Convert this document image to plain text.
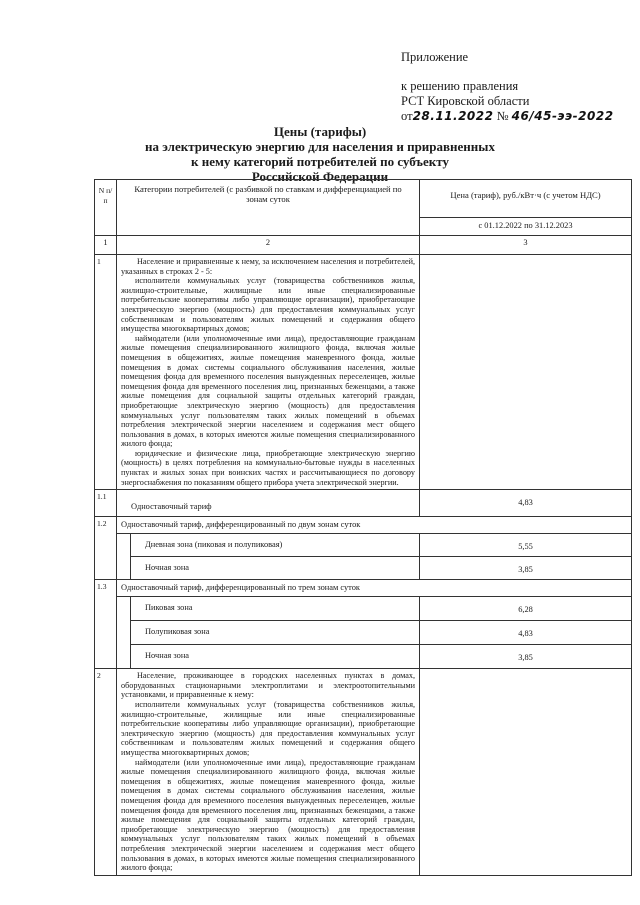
Приложение
к решению правления
РСТ Кировской области
от28.11.2022 № 46/45-ээ-2022
Цены (тарифы)
на электрическую энергию для населения и приравненных
к нему категорий потребителей по субъекту
Российской Федерации
N п/п	Категории потребителей (с разбивкой по ставкам и дифференциацией по зонам суток		Цена (тариф), руб./кВт·ч (с учетом НДС)
			с 01.12.2022 по 31.12.2023
1	2		3
1	Население и приравненные к нему, за исключением населения и потребителей, указанных в строках 2 - 5:

исполнители коммунальных услуг (товарищества собственников жилья, жилищно-строительные, жилищные или иные специализированные потребительские кооперативы либо управляющие организации), приобретающие электрическую энергию (мощность) для предоставления коммунальных услуг собственникам и пользователям жилых помещений и содержания общего имущества многоквартирных домов;

наймодатели (или уполномоченные ими лица), предоставляющие гражданам жилые помещения специализированного жилищного фонда, включая жилые помещения в общежитиях, жилые помещения маневренного фонда, жилые помещения в домах системы социального обслуживания населения, жилые помещения фонда для временного поселения вынужденных переселенцев, жилые помещения фонда для временного поселения лиц, признанных беженцами, а также жилые помещения для социальной защиты отдельных категорий граждан, приобретающие электрическую энергию (мощность) для предоставления коммунальных услуг пользователям таких жилых помещений в объемах потребления электрической энергии населением и содержания мест общего пользования в домах, в которых имеются жилые помещения специализированного жилого фонда;

юридические и физические лица, приобретающие электрическую энергию (мощность) в целях потребления на коммунально-бытовые нужды в населенных пунктах и жилых зонах при воинских частях и рассчитывающиеся по договору энергоснабжения по показаниям общего прибора учета электрической энергии.		

1.1	Одноставочный тариф		4,83
1.2	Одноставочный тариф, дифференцированный по двум зонам суток		
		Дневная зона (пиковая и полупиковая)	5,55
		Ночная зона	3,85
1.3	Одноставочный тариф, дифференцированный по трем зонам суток		
		Пиковая зона	6,28
		Полупиковая зона	4,83
		Ночная зона	3,85
2	Население, проживающее в городских населенных пунктах в домах, оборудованных стационарными электроплитами и электроотопительными установками, и приравненные к нему:

исполнители коммунальных услуг (товарищества собственников жилья, жилищно-строительные, жилищные или иные специализированные потребительские кооперативы либо управляющие организации), приобретающие электрическую энергию (мощность) для предоставления коммунальных услуг собственникам и пользователям жилых помещений и содержания общего имущества многоквартирных домов;

наймодатели (или уполномоченные ими лица), предоставляющие гражданам жилые помещения специализированного жилищного фонда, включая жилые помещения в общежитиях, жилые помещения маневренного фонда, жилые помещения в домах системы социального обслуживания населения, жилые помещения фонда для временного поселения вынужденных переселенцев, жилые помещения фонда для временного поселения лиц, признанных беженцами, а также жилые помещения для социальной защиты отдельных категорий граждан, приобретающие электрическую энергию (мощность) для предоставления коммунальных услуг пользователям таких жилых помещений в объемах потребления электрической энергии населением и содержания мест общего пользования в домах, в которых имеются жилые помещения специализированного жилого фонда;		
